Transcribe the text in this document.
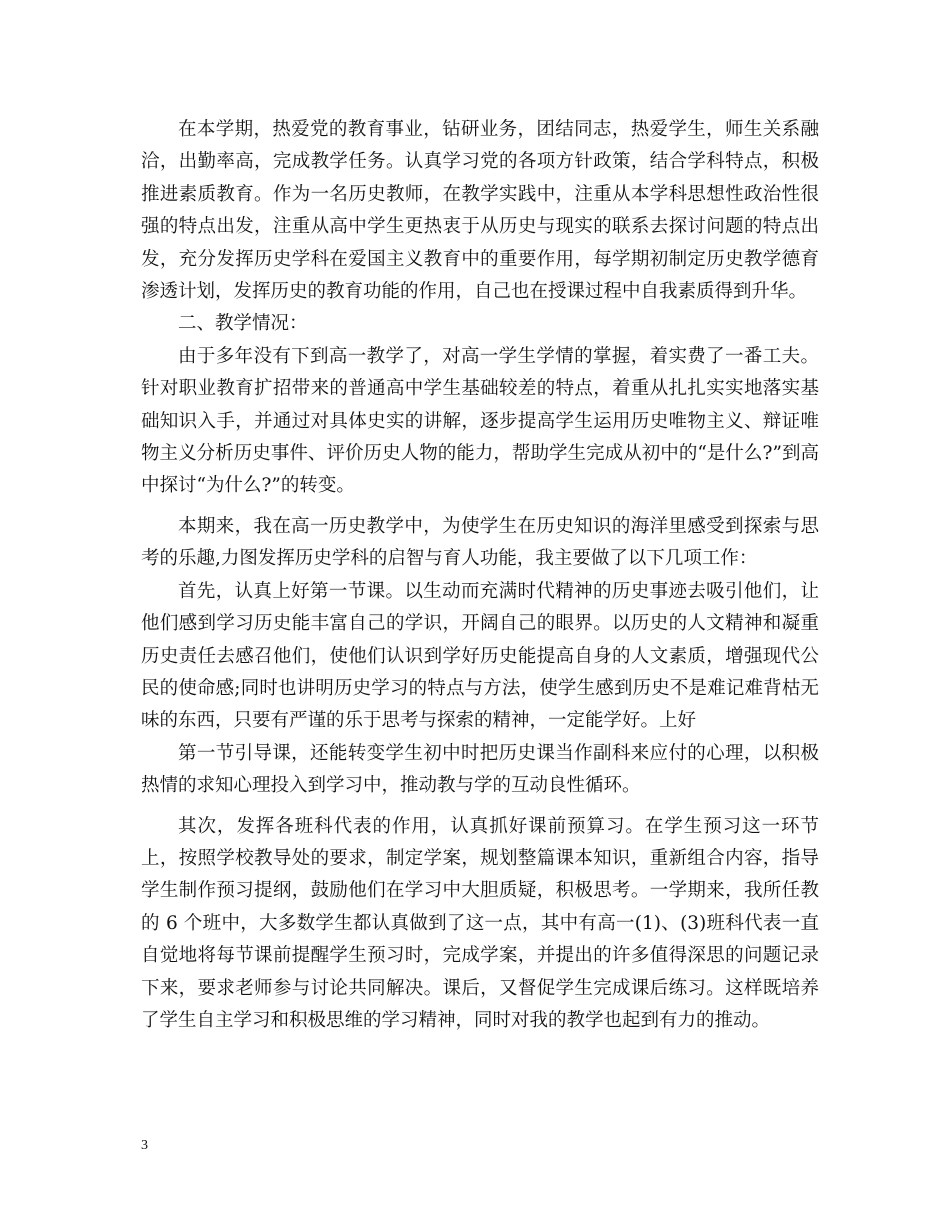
在本学期，热爱党的教育事业，钻研业务，团结同志，热爱学生，师生关系融洽，出勤率高，完成教学任务。认真学习党的各项方针政策，结合学科特点，积极推进素质教育。作为一名历史教师，在教学实践中，注重从本学科思想性政治性很强的特点出发，注重从高中学生更热衷于从历史与现实的联系去探讨问题的特点出发，充分发挥历史学科在爱国主义教育中的重要作用，每学期初制定历史教学德育渗透计划，发挥历史的教育功能的作用，自己也在授课过程中自我素质得到升华。

二、教学情况：

由于多年没有下到高一教学了，对高一学生学情的掌握，着实费了一番工夫。针对职业教育扩招带来的普通高中学生基础较差的特点，着重从扎扎实实地落实基础知识入手，并通过对具体史实的讲解，逐步提高学生运用历史唯物主义、辩证唯物主义分析历史事件、评价历史人物的能力，帮助学生完成从初中的“是什么?”到高中探讨“为什么?”的转变。

本期来，我在高一历史教学中，为使学生在历史知识的海洋里感受到探索与思考的乐趣,力图发挥历史学科的启智与育人功能，我主要做了以下几项工作：

首先，认真上好第一节课。以生动而充满时代精神的历史事迹去吸引他们，让他们感到学习历史能丰富自己的学识，开阔自己的眼界。以历史的人文精神和凝重历史责任去感召他们，使他们认识到学好历史能提高自身的人文素质，增强现代公民的使命感;同时也讲明历史学习的特点与方法，使学生感到历史不是难记难背枯无味的东西，只要有严谨的乐于思考与探索的精神，一定能学好。上好

第一节引导课，还能转变学生初中时把历史课当作副科来应付的心理，以积极热情的求知心理投入到学习中，推动教与学的互动良性循环。

其次，发挥各班科代表的作用，认真抓好课前预算习。在学生预习这一环节上，按照学校教导处的要求，制定学案，规划整篇课本知识，重新组合内容，指导学生制作预习提纲，鼓励他们在学习中大胆质疑，积极思考。一学期来，我所任教的 6 个班中，大多数学生都认真做到了这一点，其中有高一(1)、(3)班科代表一直自觉地将每节课前提醒学生预习时，完成学案，并提出的许多值得深思的问题记录下来，要求老师参与讨论共同解决。课后，又督促学生完成课后练习。这样既培养了学生自主学习和积极思维的学习精神，同时对我的教学也起到有力的推动。

3
